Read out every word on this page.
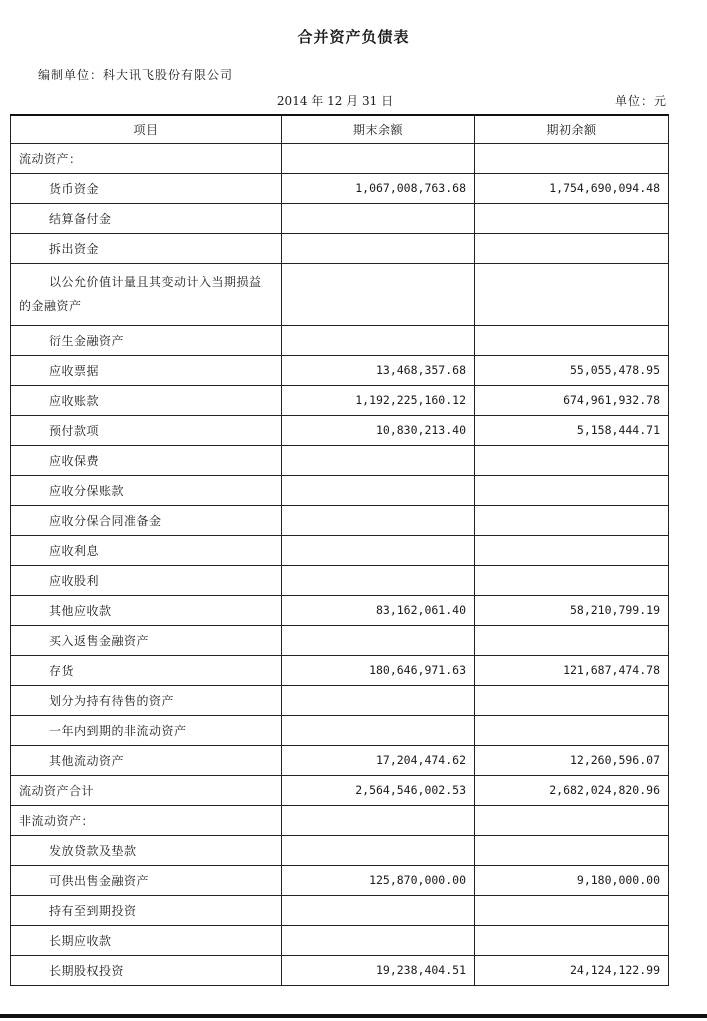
合并资产负债表
编制单位：科大讯飞股份有限公司
2014 年 12 月 31 日	单位：元
项目	期末余额	期初余额
流动资产：		
货币资金	1,067,008,763.68	1,754,690,094.48
结算备付金		
拆出资金		
以公允价值计量且其变动计入当期损益的金融资产		
衍生金融资产		
应收票据	13,468,357.68	55,055,478.95
应收账款	1,192,225,160.12	674,961,932.78
预付款项	10,830,213.40	5,158,444.71
应收保费		
应收分保账款		
应收分保合同准备金		
应收利息		
应收股利		
其他应收款	83,162,061.40	58,210,799.19
买入返售金融资产		
存货	180,646,971.63	121,687,474.78
划分为持有待售的资产		
一年内到期的非流动资产		
其他流动资产	17,204,474.62	12,260,596.07
流动资产合计	2,564,546,002.53	2,682,024,820.96
非流动资产：		
发放贷款及垫款		
可供出售金融资产	125,870,000.00	9,180,000.00
持有至到期投资		
长期应收款		
长期股权投资	19,238,404.51	24,124,122.99
